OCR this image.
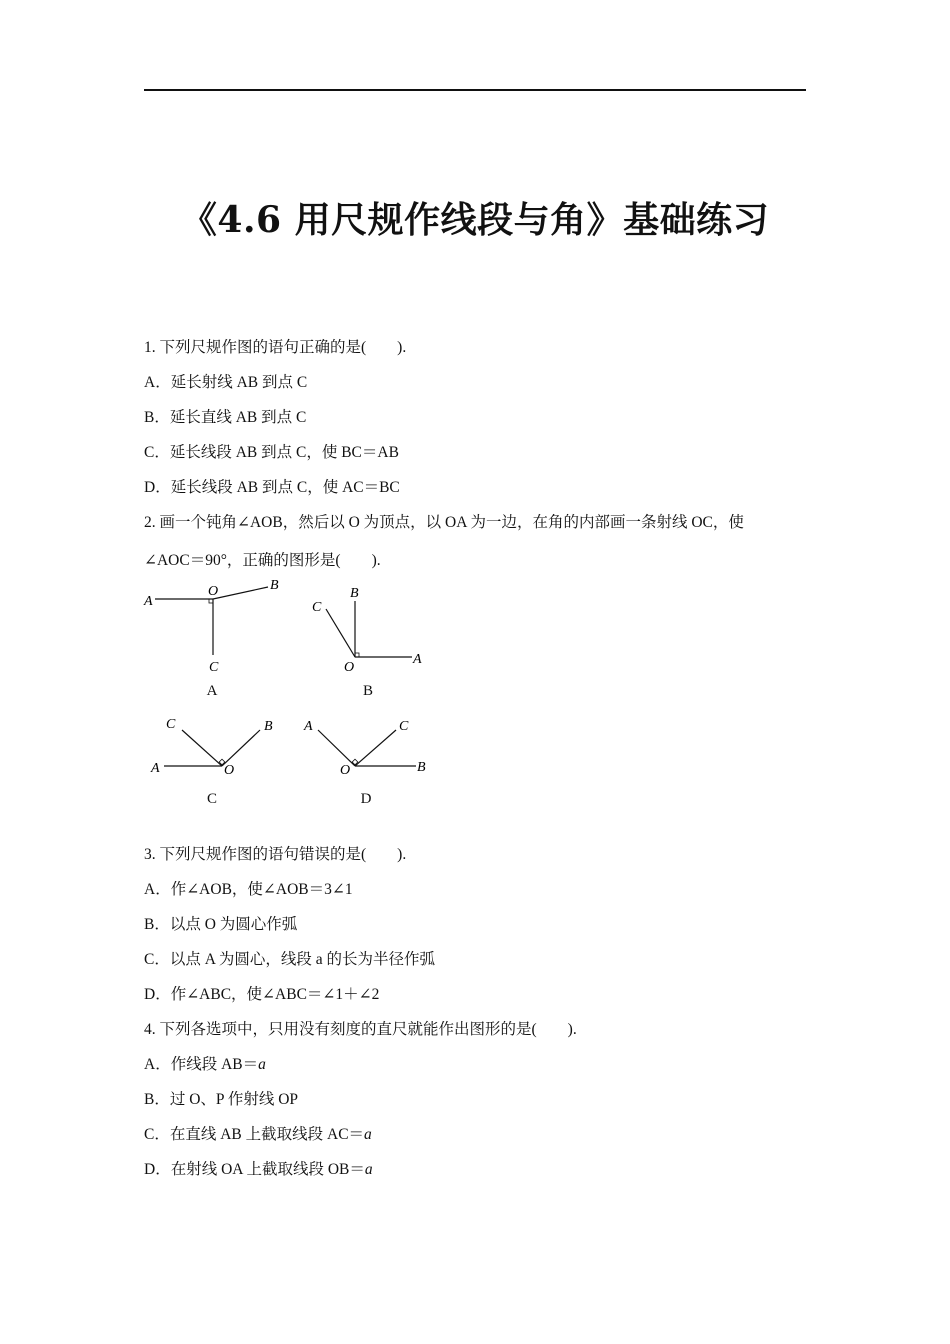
《4.6 用尺规作线段与角》基础练习
1. 下列尺规作图的语句正确的是(　　).
A．延长射线 AB 到点 C
B．延长直线 AB 到点 C
C．延长线段 AB 到点 C，使 BC＝AB
D．延长线段 AB 到点 C，使 AC＝BC
2. 画一个钝角∠AOB，然后以 O 为顶点，以 OA 为一边，在角的内部画一条射线 OC，使
∠AOC＝90°，正确的图形是(　　).
A
O	B
C
A
C
B
O
A
B
C	B
A	O
C
A	C
O	B
D
3. 下列尺规作图的语句错误的是(　　).
A．作∠AOB，使∠AOB＝3∠1
B．以点 O 为圆心作弧
C．以点 A 为圆心，线段 a 的长为半径作弧
D．作∠ABC，使∠ABC＝∠1＋∠2
4. 下列各选项中，只用没有刻度的直尺就能作出图形的是(　　).
A．作线段 AB＝a
B．过 O、P 作射线 OP
C．在直线 AB 上截取线段 AC＝a
D．在射线 OA 上截取线段 OB＝a
